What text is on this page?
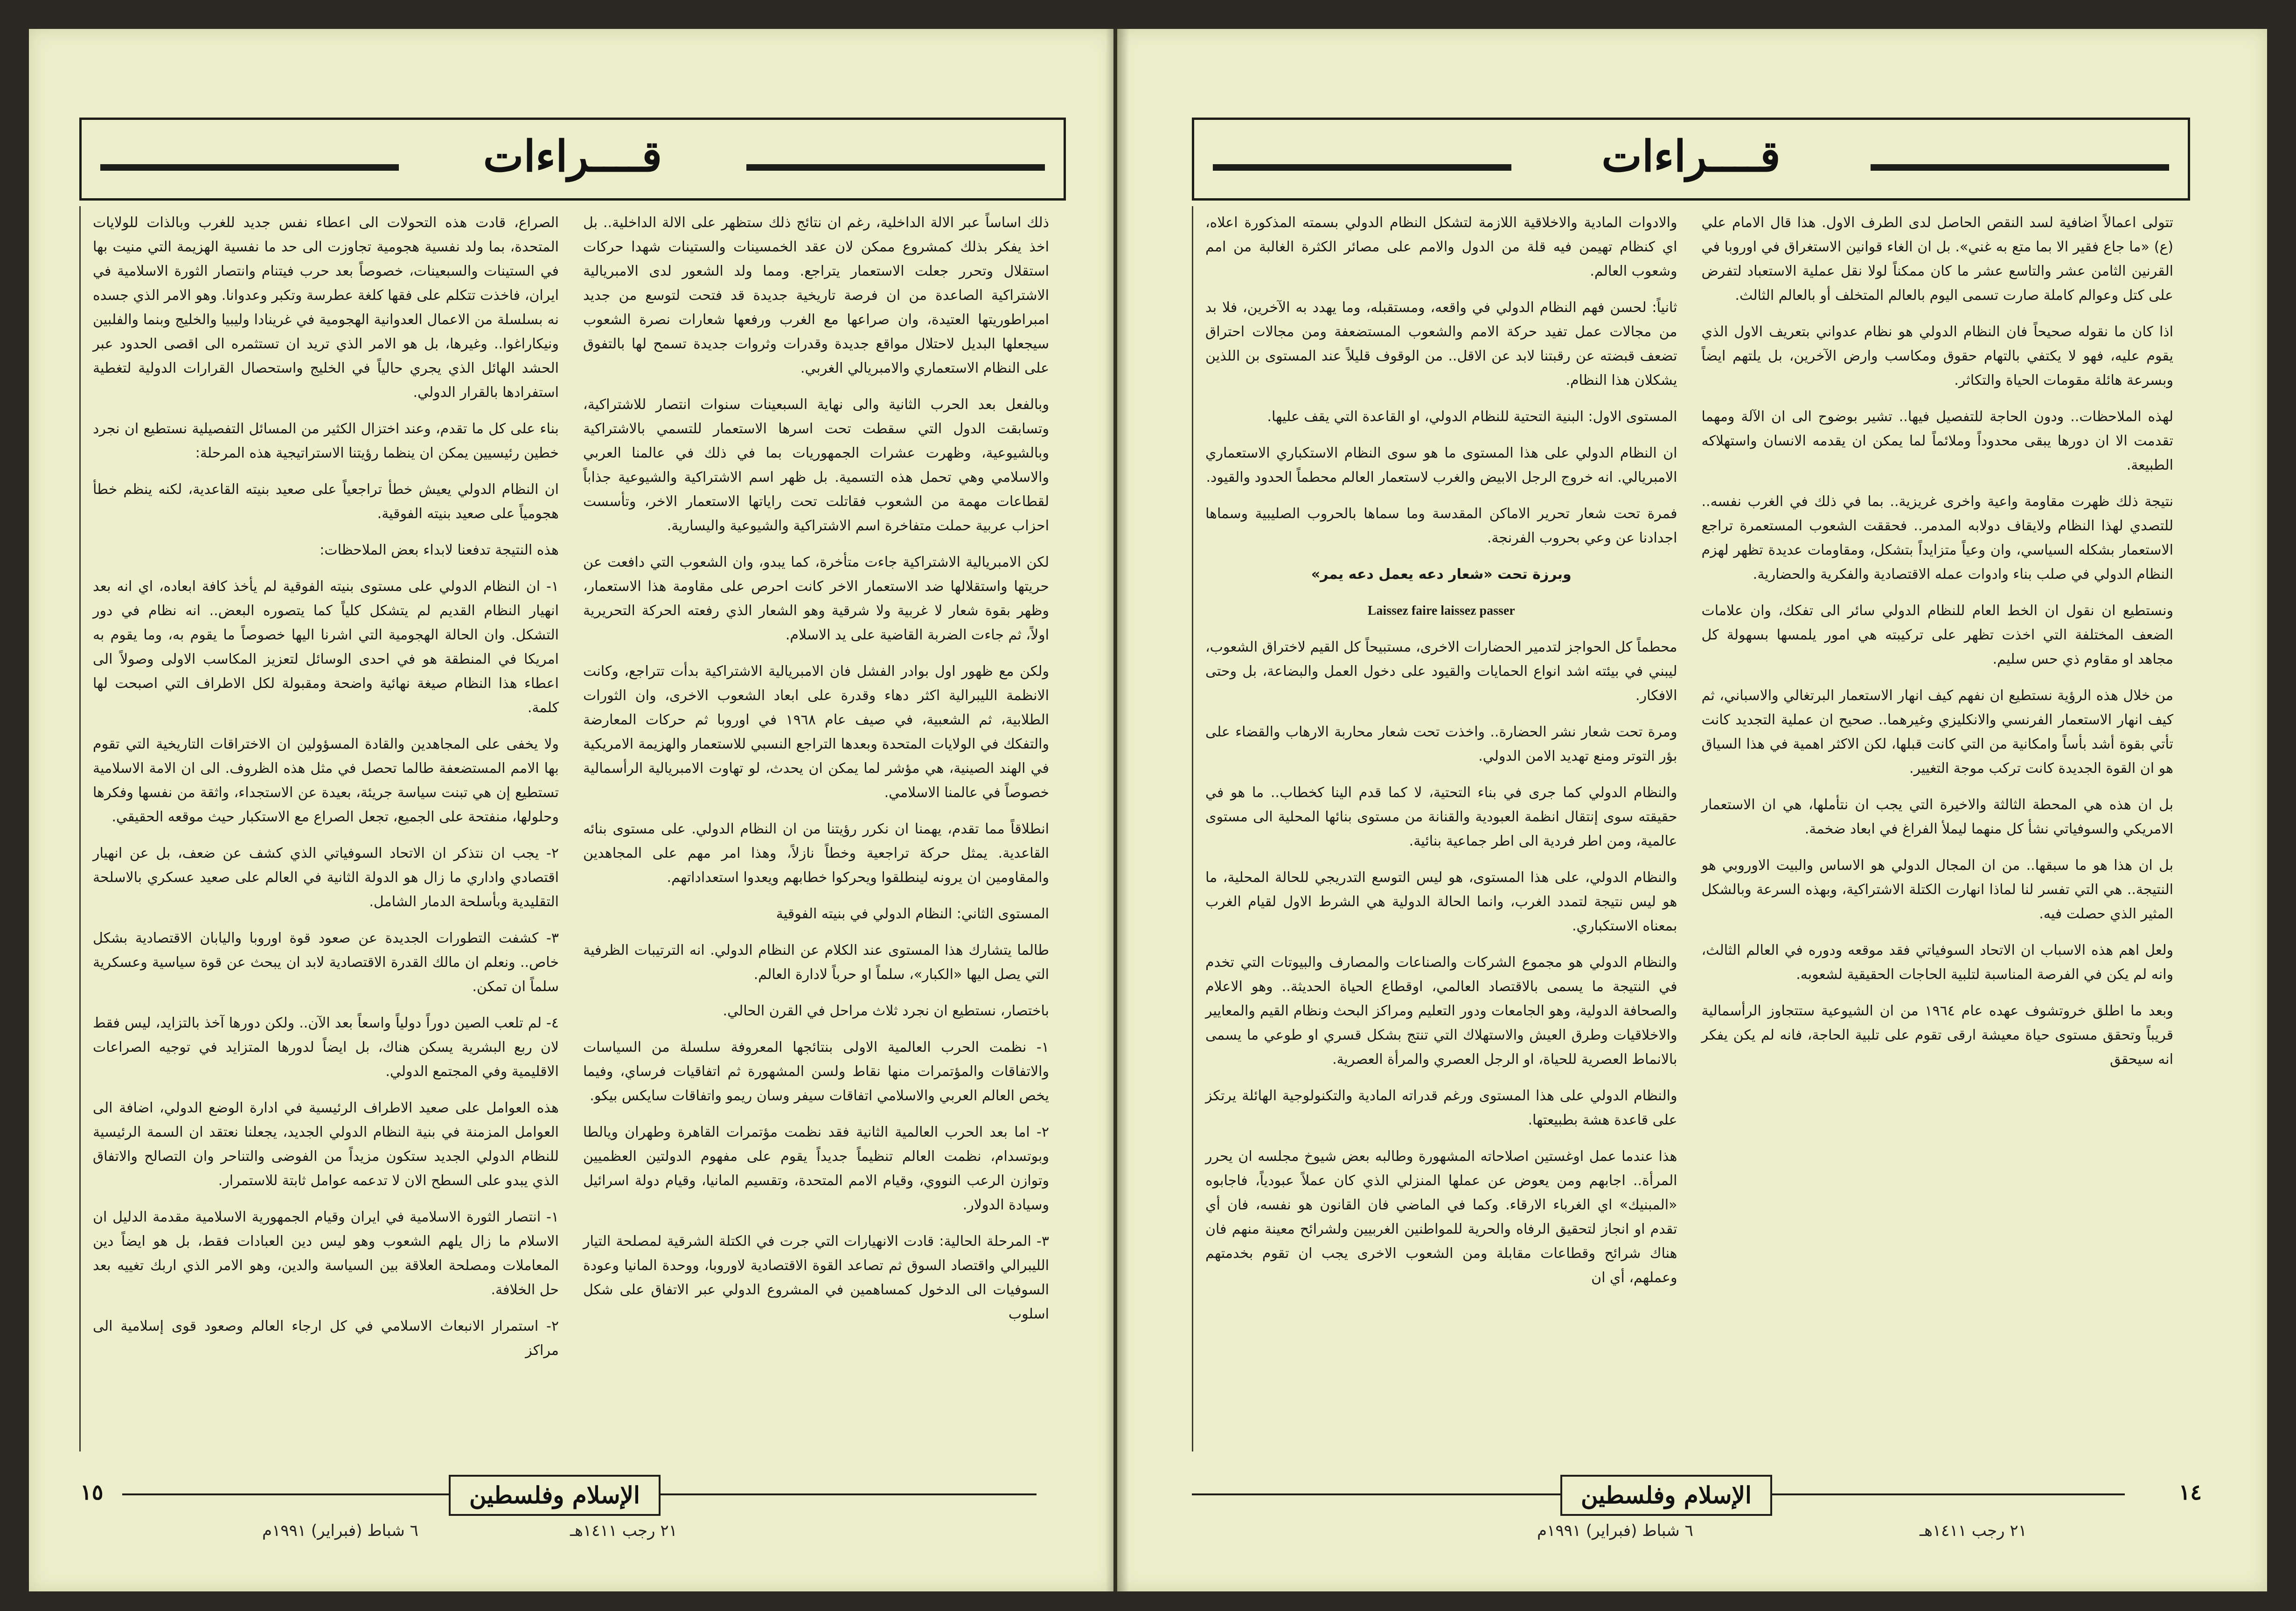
قــــراءات

الصراع، قادت هذه التحولات الى اعطاء نفس جديد للغرب وبالذات للولايات المتحدة، بما ولد نفسية هجومية تجاوزت الى حد ما نفسية الهزيمة التي منيت بها في الستينات والسبعينات، خصوصاً بعد حرب فيتنام وانتصار الثورة الاسلامية في ايران، فاخذت تتكلم على فقها كلغة عطرسة وتكبر وعدوانا. وهو الامر الذي جسده نه بسلسلة من الاعمال العدوانية الهجومية في غرينادا وليبيا والخليج وبنما والفلبين ونيكاراغوا.. وغيرها، بل هو الامر الذي تريد ان تستثمره الى اقصى الحدود عبر الحشد الهائل الذي يجري حالياً في الخليج واستحصال القرارات الدولية لتغطية استفرادها بالقرار الدولي.

بناء على كل ما تقدم، وعند اختزال الكثير من المسائل التفصيلية نستطيع ان نجرد خطين رئيسيين يمكن ان ينظما رؤيتنا الاستراتيجية هذه المرحلة:

ان النظام الدولي يعيش خطأ تراجعياً على صعيد بنيته القاعدية، لكنه ينظم خطأ هجومياً على صعيد بنيته الفوقية.

هذه النتيجة تدفعنا لابداء بعض الملاحظات:

١- ان النظام الدولي على مستوى بنيته الفوقية لم يأخذ كافة ابعاده، اي انه بعد انهيار النظام القديم لم يتشكل كلياً كما يتصوره البعض.. انه نظام في دور التشكل. وان الحالة الهجومية التي اشرنا اليها خصوصاً ما يقوم به، وما يقوم به امريكا في المنطقة هو في احدى الوسائل لتعزيز المكاسب الاولى وصولاً الى اعطاء هذا النظام صيغة نهائية واضحة ومقبولة لكل الاطراف التي اصبحت لها كلمة.

ولا يخفى على المجاهدين والقادة المسؤولين ان الاختراقات التاريخية التي تقوم بها الامم المستضعفة طالما تحصل في مثل هذه الظروف. الى ان الامة الاسلامية تستطيع إن هي تبنت سياسة جريئة، بعيدة عن الاستجداء، واثقة من نفسها وفكرها وحلولها، منفتحة على الجميع، تجعل الصراع مع الاستكبار حيث موقعه الحقيقي.

٢- يجب ان نتذكر ان الاتحاد السوفياتي الذي كشف عن ضعف، بل عن انهيار اقتصادي واداري ما زال هو الدولة الثانية في العالم على صعيد عسكري بالاسلحة التقليدية وبأسلحة الدمار الشامل.

٣- كشفت التطورات الجديدة عن صعود قوة اوروبا واليابان الاقتصادية بشكل خاص.. ونعلم ان مالك القدرة الاقتصادية لابد ان يبحث عن قوة سياسية وعسكرية سلماً ان تمكن.

٤- لم تلعب الصين دوراً دولياً واسعاً بعد الآن.. ولكن دورها آخذ بالتزايد، ليس فقط لان ربع البشرية يسكن هناك، بل ايضاً لدورها المتزايد في توجيه الصراعات الاقليمية وفي المجتمع الدولي.

هذه العوامل على صعيد الاطراف الرئيسية في ادارة الوضع الدولي، اضافة الى العوامل المزمنة في بنية النظام الدولي الجديد، يجعلنا نعتقد ان السمة الرئيسية للنظام الدولي الجديد ستكون مزيداً من الفوضى والتناحر وان التصالح والاتفاق الذي يبدو على السطح الان لا تدعمه عوامل ثابتة للاستمرار.

١- انتصار الثورة الاسلامية في ايران وقيام الجمهورية الاسلامية مقدمة الدليل ان الاسلام ما زال يلهم الشعوب وهو ليس دين العبادات فقط، بل هو ايضاً دين المعاملات ومصلحة العلاقة بين السياسة والدين، وهو الامر الذي اربك تغييه بعد حل الخلافة.

٢- استمرار الانبعاث الاسلامي في كل ارجاء العالم وصعود قوى إسلامية الى مراكز

ذلك اساساً عبر الالة الداخلية، رغم ان نتائج ذلك ستظهر على الالة الداخلية.. بل اخذ يفكر بذلك كمشروع ممكن لان عقد الخمسينات والستينات شهدا حركات استقلال وتحرر جعلت الاستعمار يتراجع. ومما ولد الشعور لدى الامبريالية الاشتراكية الصاعدة من ان فرصة تاريخية جديدة قد فتحت لتوسع من جديد امبراطوريتها العتيدة، وان صراعها مع الغرب ورفعها شعارات نصرة الشعوب سيجعلها البديل لاحتلال مواقع جديدة وقدرات وثروات جديدة تسمح لها بالتفوق على النظام الاستعماري والامبريالي الغربي.

وبالفعل بعد الحرب الثانية والى نهاية السبعينات سنوات انتصار للاشتراكية، وتسابقت الدول التي سقطت تحت اسرها الاستعمار للتسمي بالاشتراكية وبالشيوعية، وظهرت عشرات الجمهوريات بما في ذلك في عالمنا العربي والاسلامي وهي تحمل هذه التسمية. بل ظهر اسم الاشتراكية والشيوعية جذاباً لقطاعات مهمة من الشعوب فقاتلت تحت راياتها الاستعمار الاخر، وتأسست احزاب عربية حملت متفاخرة اسم الاشتراكية والشيوعية واليسارية.

لكن الامبريالية الاشتراكية جاءت متأخرة، كما يبدو، وان الشعوب التي دافعت عن حريتها واستقلالها ضد الاستعمار الاخر كانت احرص على مقاومة هذا الاستعمار، وظهر بقوة شعار لا غربية ولا شرقية وهو الشعار الذي رفعته الحركة التحريرية اولاً، ثم جاءت الضربة القاضية على يد الاسلام.

ولكن مع ظهور اول بوادر الفشل فان الامبريالية الاشتراكية بدأت تتراجع، وكانت الانظمة الليبرالية اكثر دهاء وقدرة على ابعاد الشعوب الاخرى، وان الثورات الطلابية، ثم الشعبية، في صيف عام ١٩٦٨ في اوروبا ثم حركات المعارضة والتفكك في الولايات المتحدة وبعدها التراجع النسبي للاستعمار والهزيمة الامريكية في الهند الصينية، هي مؤشر لما يمكن ان يحدث، لو تهاوت الامبريالية الرأسمالية خصوصاً في عالمنا الاسلامي.

انطلاقاً مما تقدم، يهمنا ان نكرر رؤيتنا من ان النظام الدولي. على مستوى بنائه القاعدية. يمثل حركة تراجعية وخطاً نازلاً، وهذا امر مهم على المجاهدين والمقاومين ان يرونه لينطلقوا ويحركوا خطابهم ويعدوا استعداداتهم.

المستوى الثاني: النظام الدولي في بنيته الفوقية

طالما يتشارك هذا المستوى عند الكلام عن النظام الدولي. انه الترتيبات الظرفية التي يصل اليها «الكبار»، سلماً او حرباً لادارة العالم.

باختصار، نستطيع ان نجرد ثلاث مراحل في القرن الحالي.

١- نظمت الحرب العالمية الاولى بنتائجها المعروفة سلسلة من السياسات والاتفاقات والمؤتمرات منها نقاط ولسن المشهورة ثم اتفاقيات فرساي، وفيما يخص العالم العربي والاسلامي اتفاقات سيفر وسان ريمو واتفاقات سايكس بيكو.

٢- اما بعد الحرب العالمية الثانية فقد نظمت مؤتمرات القاهرة وطهران ويالطا وبوتسدام، نظمت العالم تنظيماً جديداً يقوم على مفهوم الدولتين العظميين وتوازن الرعب النووي، وقيام الامم المتحدة، وتقسيم المانيا، وقيام دولة اسرائيل وسيادة الدولار.

٣- المرحلة الحالية: قادت الانهيارات التي جرت في الكتلة الشرقية لمصلحة التيار الليبرالي واقتصاد السوق ثم تصاعد القوة الاقتصادية لاوروبا، ووحدة المانيا وعودة السوفيات الى الدخول كمساهمين في المشروع الدولي عبر الاتفاق على شكل اسلوب

١٥	الإسلام وفلسطين
٢١ رجب ١٤١١هـ
٦ شباط (فبراير) ١٩٩١م
قــــراءات

والادوات المادية والاخلاقية اللازمة لتشكل النظام الدولي بسمته المذكورة اعلاه، اي كنظام تهيمن فيه قلة من الدول والامم على مصائر الكثرة الغالبة من امم وشعوب العالم.

ثانياً: لحسن فهم النظام الدولي في واقعه، ومستقبله، وما يهدد به الآخرين، فلا بد من مجالات عمل تفيد حركة الامم والشعوب المستضعفة ومن مجالات احتراق تضعف قبضته عن رقبتنا لابد عن الاقل.. من الوقوف قليلاً عند المستوى بن اللذين يشكلان هذا النظام.

المستوى الاول: البنية التحتية للنظام الدولي، او القاعدة التي يقف عليها.

ان النظام الدولي على هذا المستوى ما هو سوى النظام الاستكباري الاستعماري الامبريالي. انه خروج الرجل الابيض والغرب لاستعمار العالم محطماً الحدود والقيود.

فمرة تحت شعار تحرير الاماكن المقدسة وما سماها بالحروب الصليبية وسماها اجدادنا عن وعي بحروب الفرنجة.

وبرزة تحت «شعار دعه يعمل دعه يمر»

Laissez faire laissez passer

محطماً كل الحواجز لتدمير الحضارات الاخرى، مستبيحاً كل القيم لاختراق الشعوب، ليبني في بيئته اشد انواع الحمايات والقيود على دخول العمل والبضاعة، بل وحتى الافكار.

ومرة تحت شعار نشر الحضارة.. واخذت تحت شعار محاربة الارهاب والقضاء على بؤر التوتر ومنع تهديد الامن الدولي.

والنظام الدولي كما جرى في بناء التحتية، لا كما قدم الينا كخطاب.. ما هو في حقيقته سوى إنتقال انظمة العبودية والقنانة من مستوى بنائها المحلية الى مستوى عالمية، ومن اطر فردية الى اطر جماعية بنائية.

والنظام الدولي، على هذا المستوى، هو ليس التوسع التدريجي للحالة المحلية، ما هو ليس نتيجة لتمدد الغرب، وانما الحالة الدولية هي الشرط الاول لقيام الغرب بمعناه الاستكباري.

والنظام الدولي هو مجموع الشركات والصناعات والمصارف والبيوتات التي تخدم في النتيجة ما يسمى بالاقتصاد العالمي، اوقطاع الحياة الحديثة.. وهو الاعلام والصحافة الدولية، وهو الجامعات ودور التعليم ومراكز البحث ونظام القيم والمعايير والاخلاقيات وطرق العيش والاستهلاك التي تنتج بشكل قسري او طوعي ما يسمى بالانماط العصرية للحياة، او الرجل العصري والمرأة العصرية.

والنظام الدولي على هذا المستوى ورغم قدراته المادية والتكنولوجية الهائلة يرتكز على قاعدة هشة بطبيعتها.

هذا عندما عمل اوغستين اصلاحاته المشهورة وطالبه بعض شيوخ مجلسه ان يحرر المرأة.. اجابهم ومن يعوض عن عملها المنزلي الذي كان عملاً عبودياً، فاجابوه «المبنيك» اي الغرباء الارقاء. وكما في الماضي فان القانون هو نفسه، فان أي تقدم او انجاز لتحقيق الرفاه والحرية للمواطنين الغربيين ولشرائح معينة منهم فان هناك شرائح وقطاعات مقابلة ومن الشعوب الاخرى يجب ان تقوم بخدمتهم وعملهم، أي ان

تتولى اعمالاً اضافية لسد النقص الحاصل لدى الطرف الاول. هذا قال الامام علي (ع) «ما جاع فقير الا بما متع به غني». بل ان الغاء قوانين الاستغراق في اوروبا في القرنين الثامن عشر والتاسع عشر ما كان ممكناً لولا نقل عملية الاستعباد لتفرض على كتل وعوالم كاملة صارت تسمى اليوم بالعالم المتخلف أو بالعالم الثالث.

اذا كان ما نقوله صحيحاً فان النظام الدولي هو نظام عدواني بتعريف الاول الذي يقوم عليه، فهو لا يكتفي بالتهام حقوق ومكاسب وارض الآخرين، بل يلتهم ايضاً وبسرعة هائلة مقومات الحياة والتكاثر.

لهذه الملاحظات.. ودون الحاجة للتفصيل فيها.. تشير بوضوح الى ان الآلة ومهما تقدمت الا ان دورها يبقى محدوداً وملائماً لما يمكن ان يقدمه الانسان واستهلاكه الطبيعة.

نتيجة ذلك ظهرت مقاومة واعية واخرى غريزية.. بما في ذلك في الغرب نفسه.. للتصدي لهذا النظام ولايقاف دولابه المدمر.. فحققت الشعوب المستعمرة تراجع الاستعمار بشكله السياسي، وان وعياً متزايداً بتشكل، ومقاومات عديدة تظهر لهزم النظام الدولي في صلب بناء وادوات عمله الاقتصادية والفكرية والحضارية.

ونستطيع ان نقول ان الخط العام للنظام الدولي سائر الى تفكك، وان علامات الضعف المختلفة التي اخذت تظهر على تركيبته هي امور يلمسها بسهولة كل مجاهد او مقاوم ذي حس سليم.

من خلال هذه الرؤية نستطيع ان نفهم كيف انهار الاستعمار البرتغالي والاسباني، ثم كيف انهار الاستعمار الفرنسي والانكليزي وغيرهما.. صحيح ان عملية التجديد كانت تأتي بقوة أشد بأساً وامكانية من التي كانت قبلها، لكن الاكثر اهمية في هذا السياق هو ان القوة الجديدة كانت تركب موجة التغيير.

بل ان هذه هي المحطة الثالثة والاخيرة التي يجب ان نتأملها، هي ان الاستعمار الامريكي والسوفياتي نشأ كل منهما ليملأ الفراغ في ابعاد ضخمة.

بل ان هذا هو ما سبقها.. من ان المجال الدولي هو الاساس والبيت الاوروبي هو النتيجة.. هي التي تفسر لنا لماذا انهارت الكتلة الاشتراكية، وبهذه السرعة وبالشكل المثير الذي حصلت فيه.

ولعل اهم هذه الاسباب ان الاتحاد السوفياتي فقد موقعه ودوره في العالم الثالث، وانه لم يكن في الفرصة المناسبة لتلبية الحاجات الحقيقية لشعوبه.

وبعد ما اطلق خروتشوف عهده عام ١٩٦٤ من ان الشيوعية ستتجاوز الرأسمالية قريباً وتحقق مستوى حياة معيشة ارقى تقوم على تلبية الحاجة، فانه لم يكن يفكر انه سيحقق

١٤
الإسلام وفلسطين
٢١ رجب ١٤١١هـ
٦ شباط (فبراير) ١٩٩١م
